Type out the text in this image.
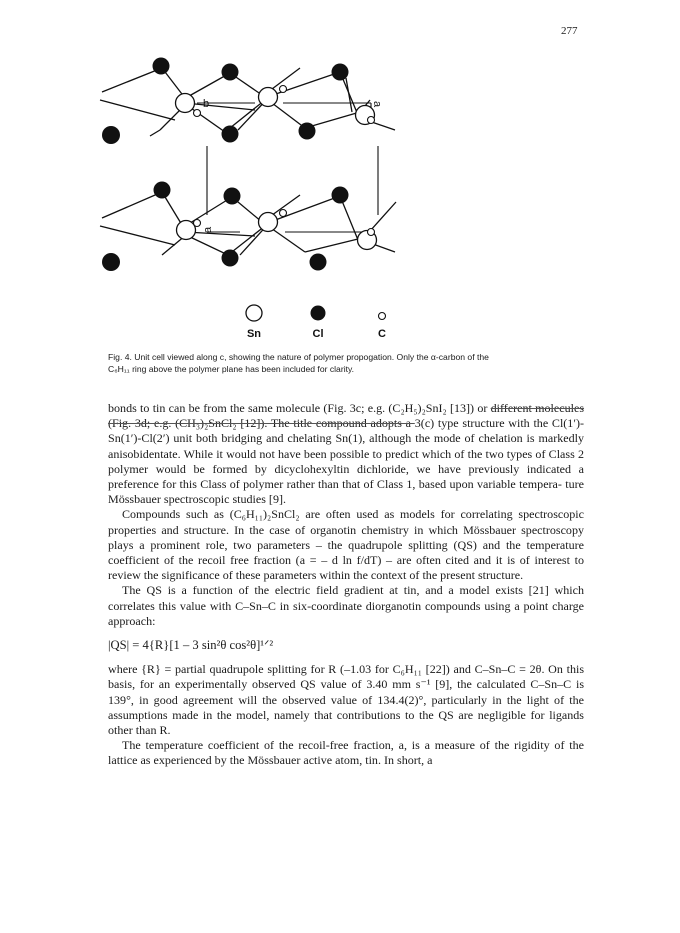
277
b	a
a
Sn	Cl	C
Fig. 4. Unit cell viewed along c, showing the nature of polymer propogation. Only the α-carbon of the
C₆H₁₁ ring above the polymer plane has been included for clarity.

bonds to tin can be from the same molecule (Fig. 3c; e.g. (C₂H₅)₂SnI₂ [13]) or different molecules (Fig. 3d; e.g. (CH₃)₂SnCl₂ [12]). The title compound adopts a 3(c) type structure with the Cl(1′)-Sn(1′)-Cl(2′) unit both bridging and chelating Sn(1), although the mode of chelation is markedly anisobidentate. While it would not have been possible to predict which of the two types of Class 2 polymer would be formed by dicyclohexyltin dichloride, we have previously indicated a preference for this Class of polymer rather than that of Class 1, based upon variable tempera- ture Mössbauer spectroscopic studies [9].

Compounds such as (C₆H₁₁)₂SnCl₂ are often used as models for correlating spectroscopic properties and structure. In the case of organotin chemistry in which Mössbauer spectroscopy plays a prominent role, two parameters – the quadrupole splitting (QS) and the temperature coefficient of the recoil free fraction (a = – d ln f/dT) – are often cited and it is of interest to review the significance of these parameters within the context of the present structure.

The QS is a function of the electric field gradient at tin, and a model exists [21] which correlates this value with C–Sn–C in six-coordinate diorganotin compounds using a point charge approach:

|QS| = 4{R}[1 – 3 sin²θ cos²θ]¹ᐟ²

where {R} = partial quadrupole splitting for R (–1.03 for C₆H₁₁ [22]) and C–Sn–C = 2θ. On this basis, for an experimentally observed QS value of 3.40 mm s⁻¹ [9], the calculated C–Sn–C is 139°, in good agreement will the observed value of 134.4(2)°, particularly in the light of the assumptions made in the model, namely that contributions to the QS are negligible for ligands other than R.

The temperature coefficient of the recoil-free fraction, a, is a measure of the rigidity of the lattice as experienced by the Mössbauer active atom, tin. In short, a
